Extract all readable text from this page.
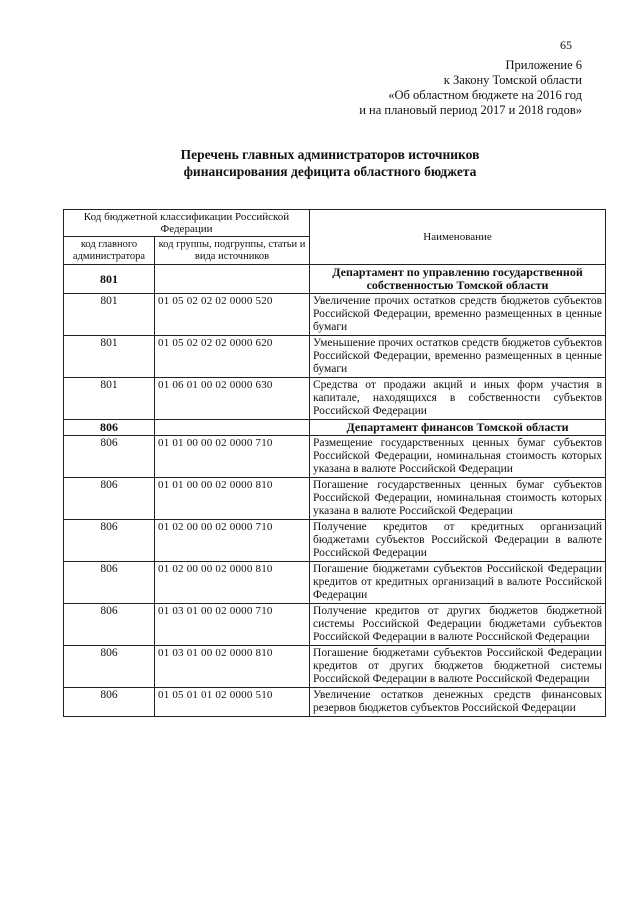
65
Приложение 6
к Закону Томской области
«Об областном бюджете на 2016 год
и на плановый период 2017 и 2018 годов»
Перечень главных администраторов источников
финансирования дефицита областного бюджета
Код бюджетной классификации Российской Федерации		Наименование
код главного администратора	код группы, подгруппы, статьи и вида источников	
801		Департамент по управлению государственной собственностью Томской области
801	01 05 02 02 02 0000 520	Увеличение прочих остатков средств бюджетов субъектов Российской Федерации, временно размещенных в ценные бумаги
801	01 05 02 02 02 0000 620	Уменьшение прочих остатков средств бюджетов субъектов Российской Федерации, временно размещенных в ценные бумаги
801	01 06 01 00 02 0000 630	Средства от продажи акций и иных форм участия в капитале, находящихся в собственности субъектов Российской Федерации
806		Департамент финансов Томской области
806	01 01 00 00 02 0000 710	Размещение государственных ценных бумаг субъектов Российской Федерации, номинальная стоимость которых указана в валюте Российской Федерации
806	01 01 00 00 02 0000 810	Погашение государственных ценных бумаг субъектов Российской Федерации, номинальная стоимость которых указана в валюте Российской Федерации
806	01 02 00 00 02 0000 710	Получение кредитов от кредитных организаций бюджетами субъектов Российской Федерации в валюте Российской Федерации
806	01 02 00 00 02 0000 810	Погашение бюджетами субъектов Российской Федерации кредитов от кредитных организаций в валюте Российской Федерации
806	01 03 01 00 02 0000 710	Получение кредитов от других бюджетов бюджетной системы Российской Федерации бюджетами субъектов Российской Федерации в валюте Российской Федерации
806	01 03 01 00 02 0000 810	Погашение бюджетами субъектов Российской Федерации кредитов от других бюджетов бюджетной системы Российской Федерации в валюте Российской Федерации
806	01 05 01 01 02 0000 510	Увеличение остатков денежных средств финансовых резервов бюджетов субъектов Российской Федерации
